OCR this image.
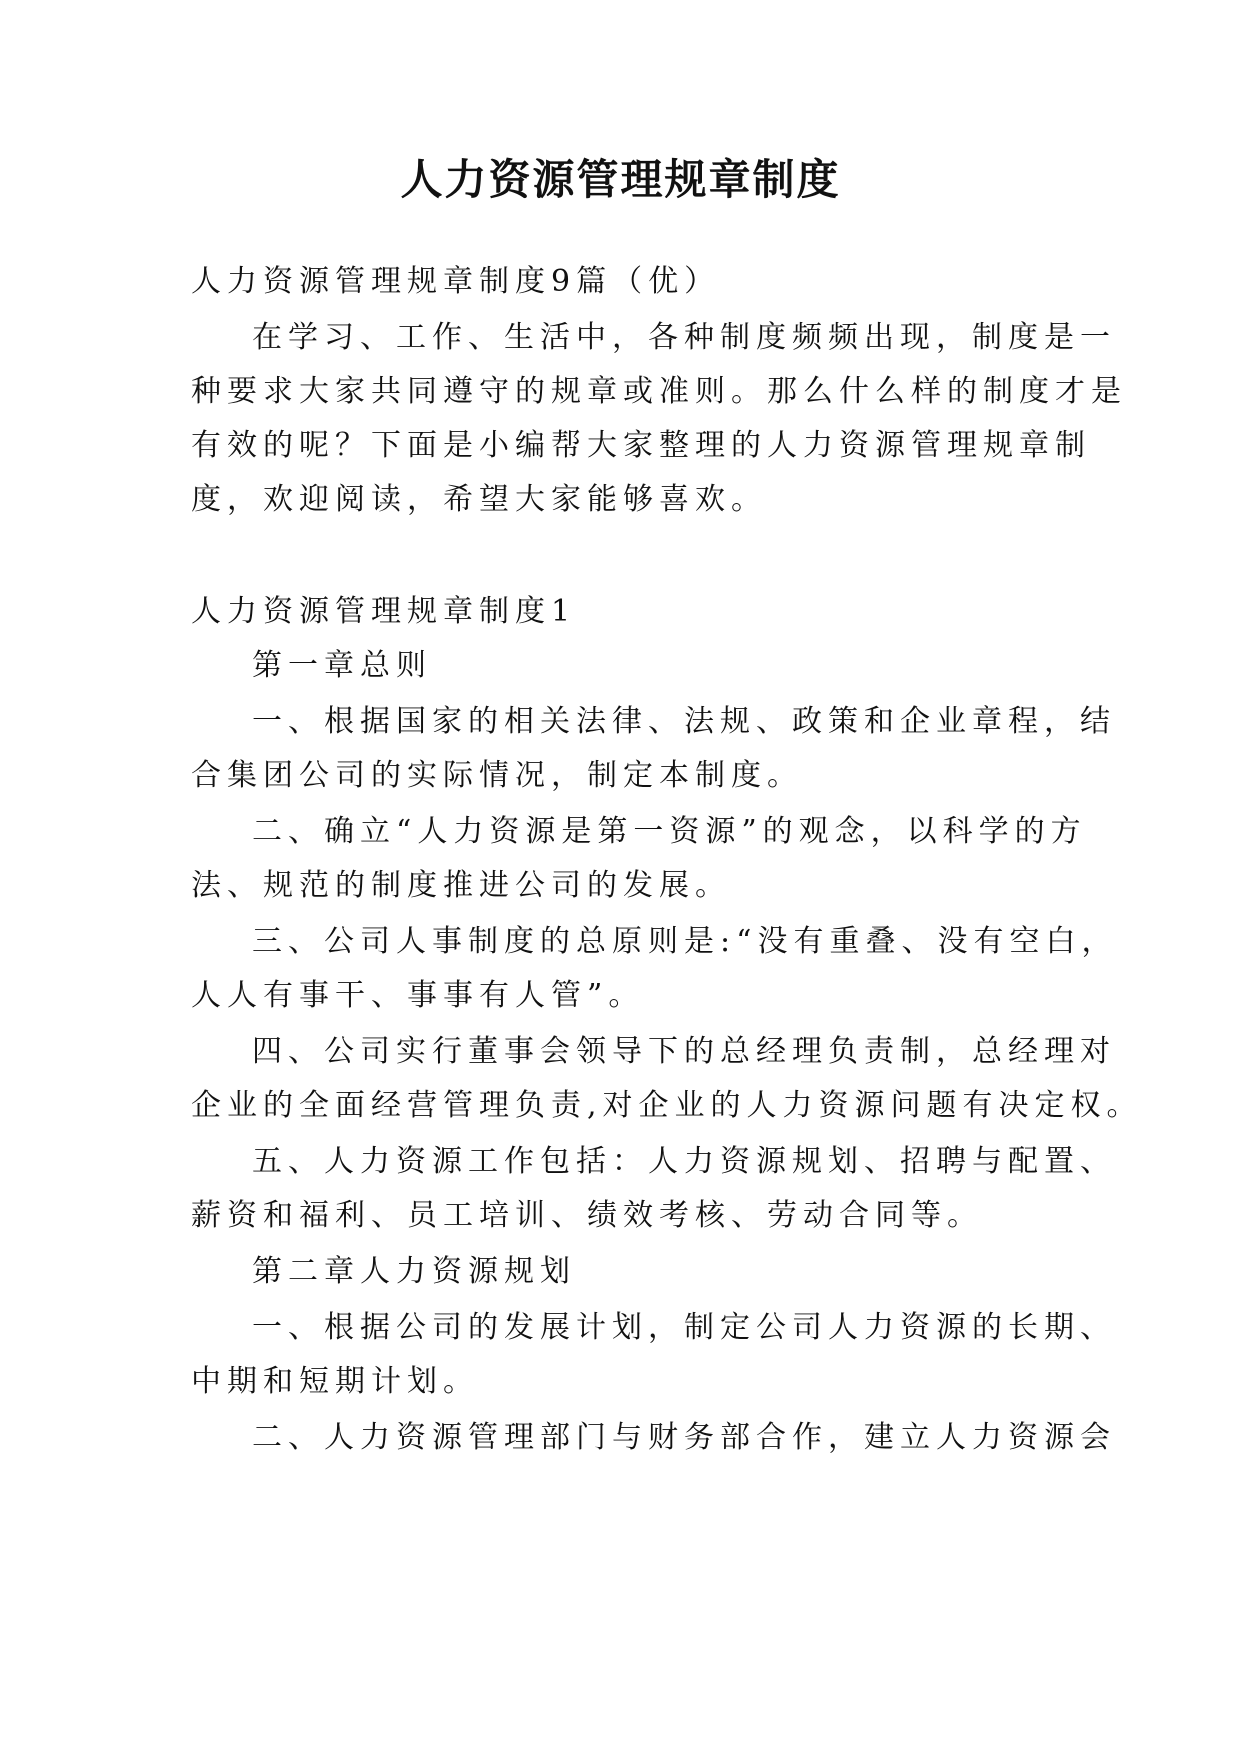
人力资源管理规章制度
人力资源管理规章制度9篇（优）
在学习、工作、生活中，各种制度频频出现，制度是一
种要求大家共同遵守的规章或准则。那么什么样的制度才是
有效的呢？下面是小编帮大家整理的人力资源管理规章制
度，欢迎阅读，希望大家能够喜欢。
人力资源管理规章制度1
第一章总则
一、根据国家的相关法律、法规、政策和企业章程，结
合集团公司的实际情况，制定本制度。
二、确立“人力资源是第一资源”的观念，以科学的方
法、规范的制度推进公司的发展。
三、公司人事制度的总原则是:“没有重叠、没有空白，
人人有事干、事事有人管”。
四、公司实行董事会领导下的总经理负责制，总经理对
企业的全面经营管理负责,对企业的人力资源问题有决定权。
五、人力资源工作包括：人力资源规划、招聘与配置、
薪资和福利、员工培训、绩效考核、劳动合同等。
第二章人力资源规划
一、根据公司的发展计划，制定公司人力资源的长期、
中期和短期计划。
二、人力资源管理部门与财务部合作，建立人力资源会
